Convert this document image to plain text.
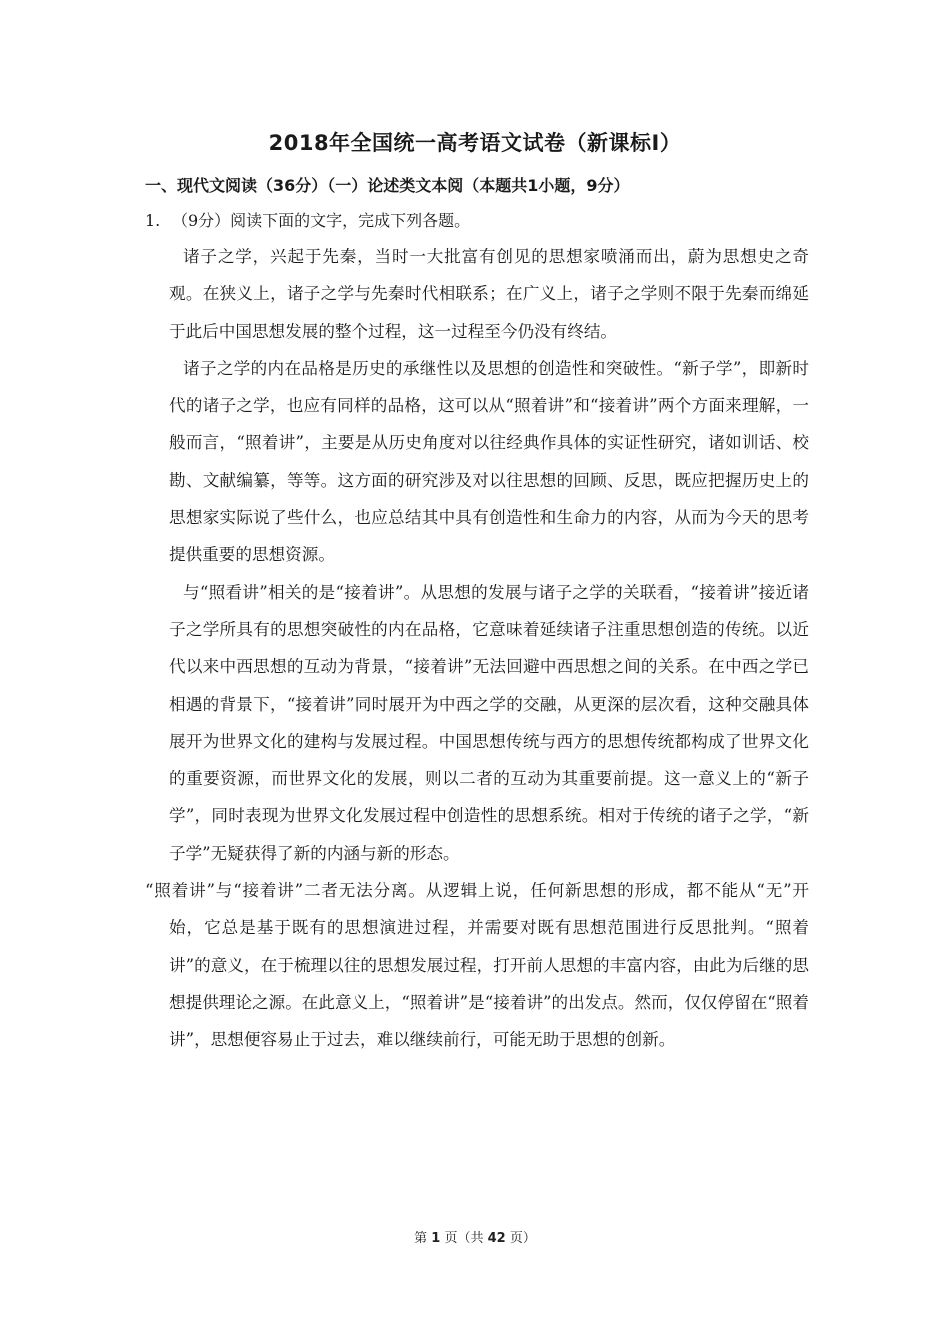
2018年全国统一高考语文试卷（新课标Ⅰ）
一、现代文阅读（36分）（一）论述类文本阅（本题共1小题，9分）

1. （9分）阅读下面的文字，完成下列各题。

诸子之学，兴起于先秦，当时一大批富有创见的思想家喷涌而出，蔚为思想史之奇观。在狭义上，诸子之学与先秦时代相联系；在广义上，诸子之学则不限于先秦而绵延于此后中国思想发展的整个过程，这一过程至今仍没有终结。

诸子之学的内在品格是历史的承继性以及思想的创造性和突破性。“新子学”，即新时代的诸子之学，也应有同样的品格，这可以从“照着讲”和“接着讲”两个方面来理解，一般而言，“照着讲”，主要是从历史角度对以往经典作具体的实证性研究，诸如训话、校勘、文献编纂，等等。这方面的研究涉及对以往思想的回顾、反思，既应把握历史上的思想家实际说了些什么，也应总结其中具有创造性和生命力的内容，从而为今天的思考提供重要的思想资源。

与“照看讲”相关的是“接着讲”。从思想的发展与诸子之学的关联看，“接着讲”接近诸子之学所具有的思想突破性的内在品格，它意味着延续诸子注重思想创造的传统。以近代以来中西思想的互动为背景，“接着讲”无法回避中西思想之间的关系。在中西之学已相遇的背景下，“接着讲”同时展开为中西之学的交融，从更深的层次看，这种交融具体展开为世界文化的建构与发展过程。中国思想传统与西方的思想传统都构成了世界文化的重要资源，而世界文化的发展，则以二者的互动为其重要前提。这一意义上的“新子学”，同时表现为世界文化发展过程中创造性的思想系统。相对于传统的诸子之学，“新子学”无疑获得了新的内涵与新的形态。

“照着讲”与“接着讲”二者无法分离。从逻辑上说，任何新思想的形成，都不能从“无”开始，它总是基于既有的思想演进过程，并需要对既有思想范围进行反思批判。“照着讲”的意义，在于梳理以往的思想发展过程，打开前人思想的丰富内容，由此为后继的思想提供理论之源。在此意义上，“照着讲”是“接着讲”的出发点。然而，仅仅停留在“照着讲”，思想便容易止于过去，难以继续前行，可能无助于思想的创新。

第 1 页（共 42 页）
